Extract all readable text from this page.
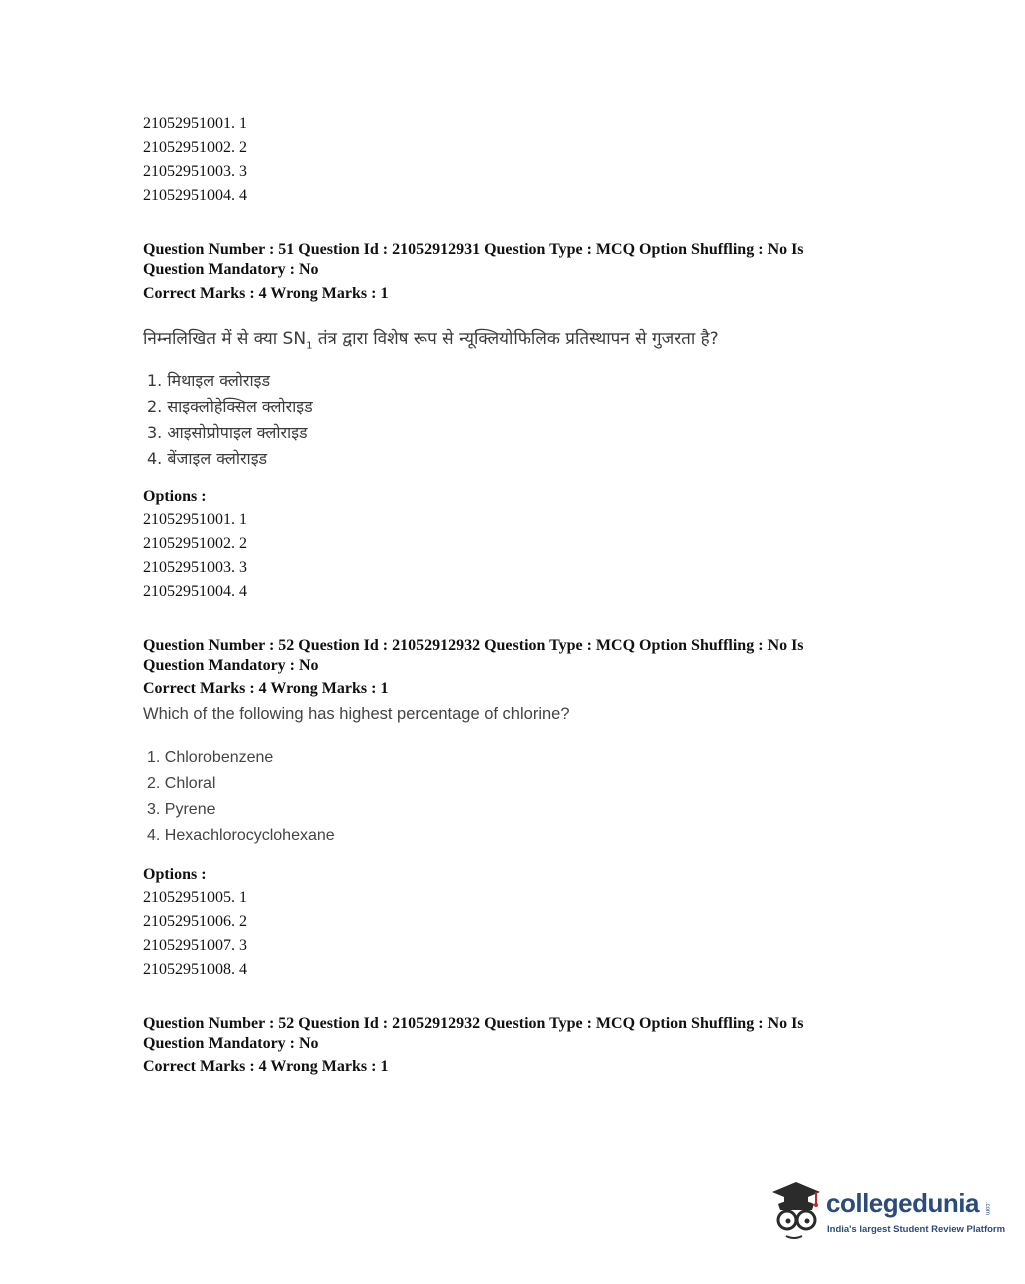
21052951001. 1
21052951002. 2
21052951003. 3
21052951004. 4
Question Number : 51 Question Id : 21052912931 Question Type : MCQ Option Shuffling : No Is
Question Mandatory : No
Correct Marks : 4 Wrong Marks : 1
निम्नलिखित में से क्या $SN_1$ तंत्र द्वारा विशेष रूप से न्यूक्लियोफिलिक प्रतिस्थापन से गुजरता है?
1. मिथाइल क्लोराइड
2. साइक्लोहेक्सिल क्लोराइड
3. आइसोप्रोपाइल क्लोराइड
4. बेंजाइल क्लोराइड
Options :
21052951001. 1
21052951002. 2
21052951003. 3
21052951004. 4
Question Number : 52 Question Id : 21052912932 Question Type : MCQ Option Shuffling : No Is
Question Mandatory : No
Correct Marks : 4 Wrong Marks : 1
Which of the following has highest percentage of chlorine?
1. Chlorobenzene
2. Chloral
3. Pyrene
4. Hexachlorocyclohexane
Options :
21052951005. 1
21052951006. 2
21052951007. 3
21052951008. 4
Question Number : 52 Question Id : 21052912932 Question Type : MCQ Option Shuffling : No Is
Question Mandatory : No
Correct Marks : 4 Wrong Marks : 1
collegedunia .com
India's largest Student Review Platform
